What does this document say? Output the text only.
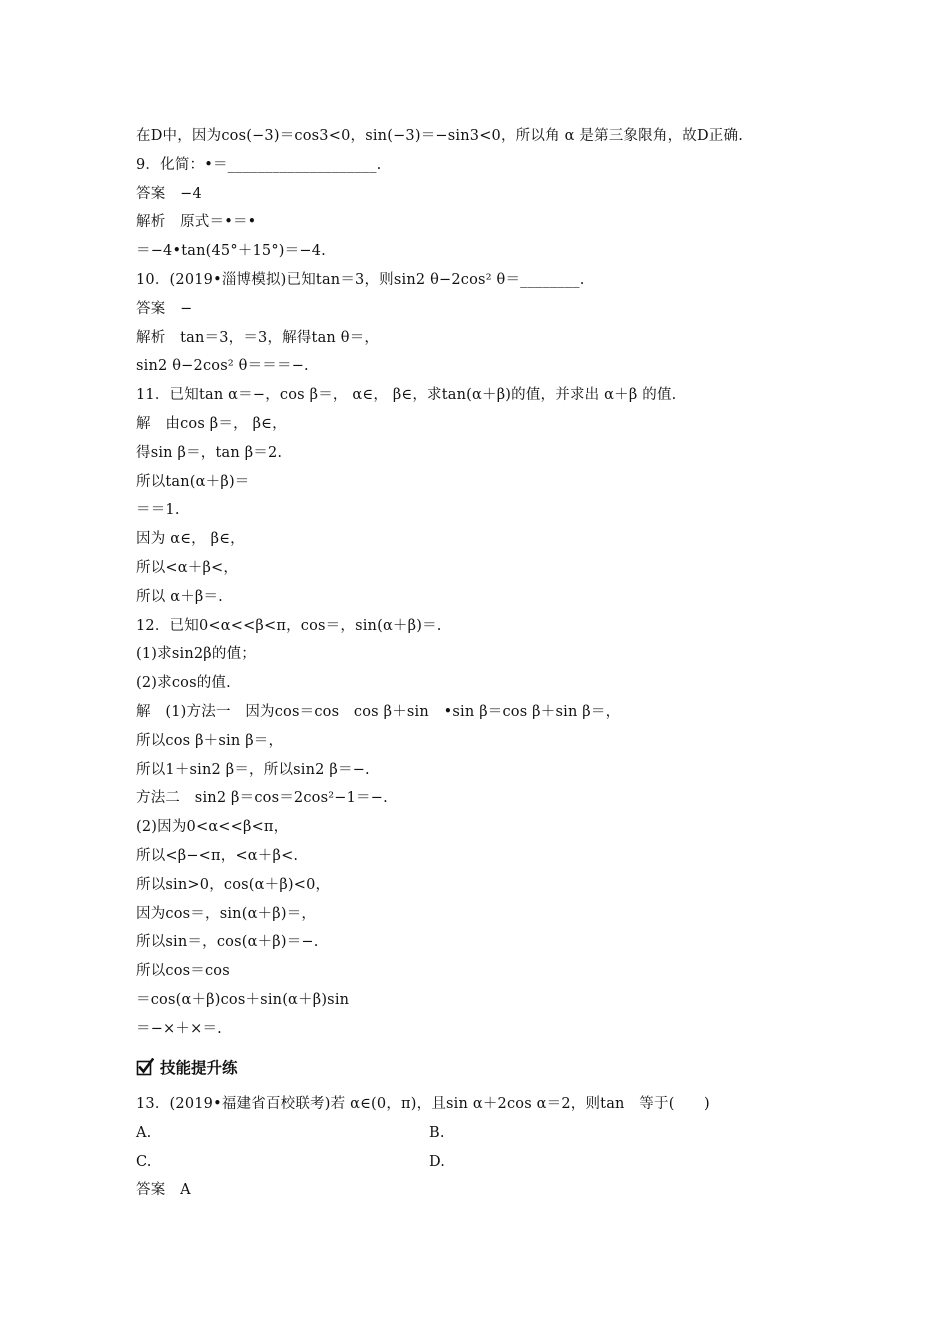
在D中，因为cos(−3)＝cos3<0，sin(−3)＝−sin3<0，所以角 α 是第三象限角，故D正确.
9．化简：•＝____________________.
答案　−4
解析　原式＝•＝•
＝−4•tan(45°＋15°)＝−4.
10．(2019•淄博模拟)已知tan＝3，则sin2 θ−2cos² θ＝________.
答案　−
解析　tan＝3，＝3，解得tan θ＝，
sin2 θ−2cos² θ＝＝＝−.
11．已知tan α＝−，cos β＝， α∈， β∈，求tan(α＋β)的值，并求出 α＋β 的值.
解　由cos β＝， β∈，
得sin β＝，tan β＝2.
所以tan(α＋β)＝
＝＝1.
因为 α∈， β∈，
所以<α＋β<，
所以 α＋β＝.
12．已知0<α<<β<π，cos＝，sin(α＋β)＝.
(1)求sin2β的值；
(2)求cos的值.
解　(1)方法一　因为cos＝cos　cos β＋sin　•sin β＝cos β＋sin β＝，
所以cos β＋sin β＝，
所以1＋sin2 β＝，所以sin2 β＝−.
方法二　sin2 β＝cos＝2cos²−1＝−.
(2)因为0<α<<β<π，
所以<β−<π，<α＋β<.
所以sin>0，cos(α＋β)<0，
因为cos＝，sin(α＋β)＝，
所以sin＝，cos(α＋β)＝−.
所以cos＝cos
＝cos(α＋β)cos＋sin(α＋β)sin
＝−×＋×＝.
技能提升练
13．(2019•福建省百校联考)若 α∈(0，π)，且sin α＋2cos α＝2，则tan　等于(　　)
A.	B.
C.	D.
答案　A
